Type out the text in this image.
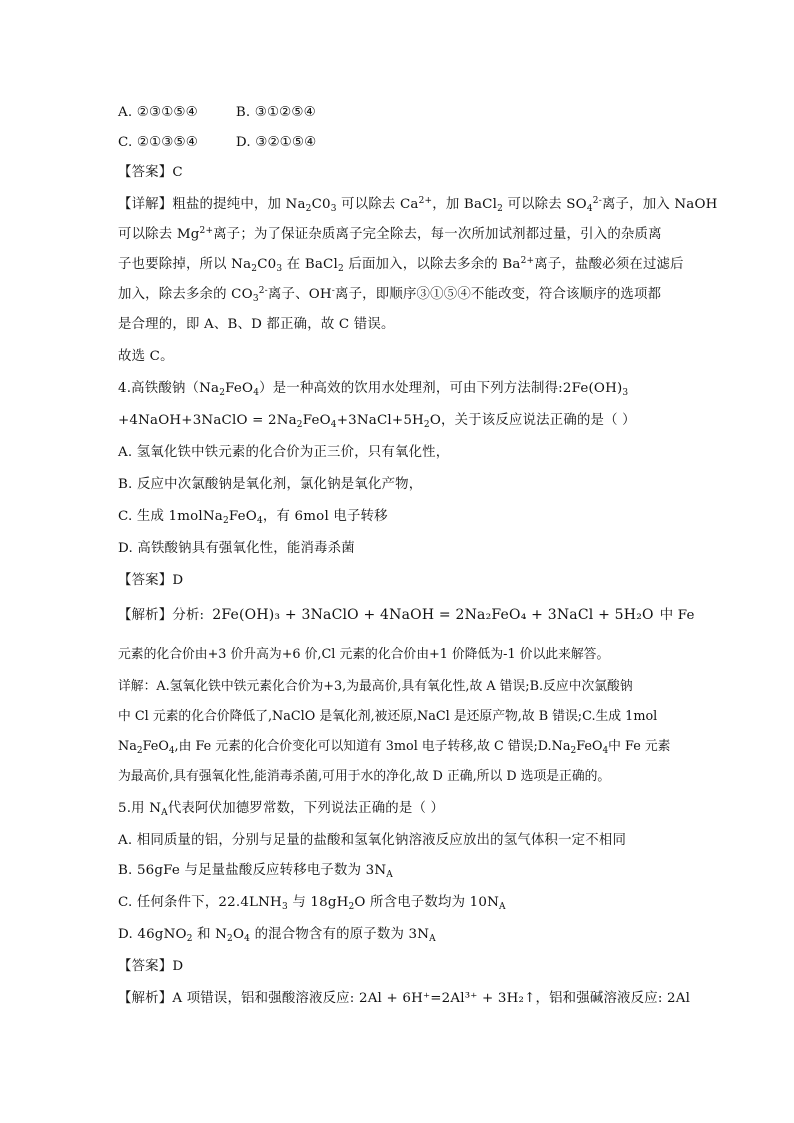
A. ②③①⑤④	B. ③①②⑤④
C. ②①③⑤④	D. ③②①⑤④
【答案】C
【详解】粗盐的提纯中，加 $Na_2C0_3$ 可以除去 $Ca^{2+}$，加 BaCl$_2$ 可以除去 $SO_4^{2-}$离子，加入 NaOH
可以除去 $Mg^{2+}$离子；为了保证杂质离子完全除去，每一次所加试剂都过量，引入的杂质离
子也要除掉，所以 $Na_2C0_3$ 在 BaCl$_2$ 后面加入，以除去多余的 $Ba^{2+}$离子，盐酸必须在过滤后
加入，除去多余的 $CO_3^{2-}$离子、OH-离子，即顺序③①⑤④不能改变，符合该顺序的选项都
是合理的，即 A、B、D 都正确，故 C 错误。
故选 C。
4.高铁酸钠$(Na_2FeO_4)$是一种高效的饮用水处理剂，可由下列方法制得$:2Fe(OH)_3$
+4NaOH+3NaClO = $2Na_2FeO_4+3NaCl+5H_2O$，关于该反应说法正确的是（ ）
A. 氢氧化铁中铁元素的化合价为正三价，只有氧化性，
B. 反应中次氯酸钠是氧化剂，氯化钠是氧化产物，
C. 生成 1molNa$_2$FeO$_4$，有 6mol 电子转移
D. 高铁酸钠具有强氧化性，能消毒杀菌
【答案】D
【解析】分析: 2Fe(OH)₃ + 3NaClO + 4NaOH = 2Na₂FeO₄ + 3NaCl + 5H₂O 中 Fe
元素的化合价由+3 价升高为+6 价,Cl 元素的化合价由+1 价降低为-1 价以此来解答。
详解：A.氢氧化铁中铁元素化合价为+3,为最高价,具有氧化性,故 A 错误;B.反应中次氯酸钠
中 Cl 元素的化合价降低了,NaClO 是氧化剂,被还原,NaCl 是还原产物,故 B 错误;C.生成 1mol
$Na_2FeO_4$,由 Fe 元素的化合价变化可以知道有 3mol 电子转移,故 C 错误$;D.Na_2FeO_4$中 Fe 元素
为最高价,具有强氧化性,能消毒杀菌,可用于水的净化,故 D 正确,所以 D 选项是正确的。
5.用 $N_A$代表阿伏加德罗常数，下列说法正确的是（ ）
A. 相同质量的铝，分别与足量的盐酸和氢氧化钠溶液反应放出的氢气体积一定不相同
B. 56gFe 与足量盐酸反应转移电子数为 $3N_A$
C. 任何条件下，$22.4LNH_3$ 与 $18gH_2O$ 所含电子数均为 $10N_A$
D. 46gNO$_2$ 和 $N_2O_4$ 的混合物含有的原子数为 $3N_A$
【答案】D
【解析】A 项错误，铝和强酸溶液反应: 2Al + 6H⁺=2Al³⁺ + 3H₂↑，铝和强碱溶液反应: 2Al
